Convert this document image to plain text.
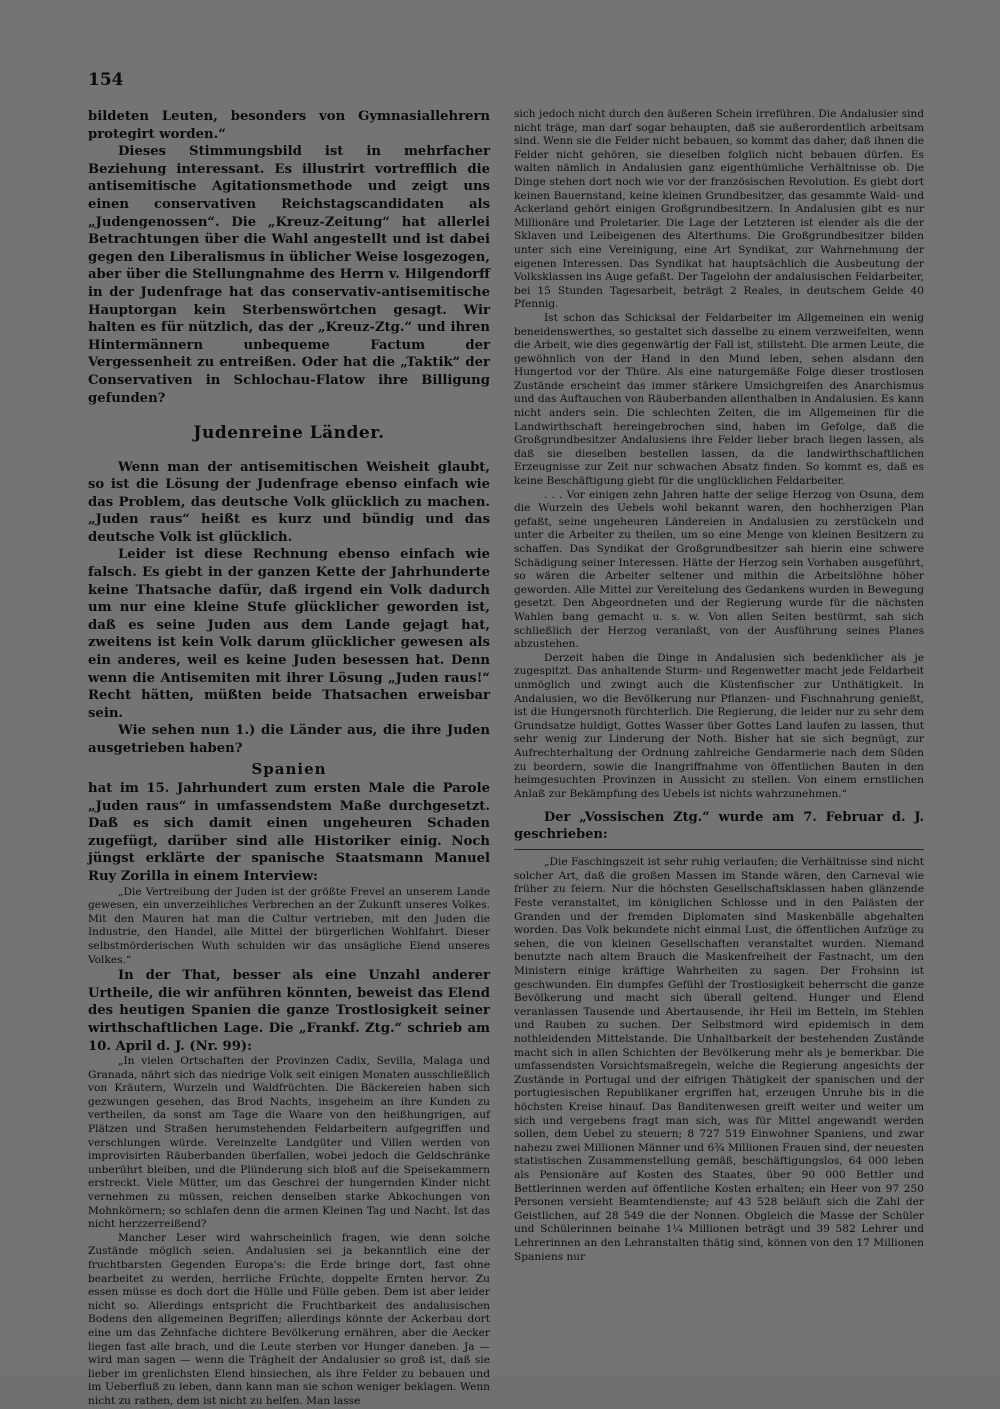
154

bildeten Leuten, besonders von Gymnasiallehrern protegirt worden.“

Dieses Stimmungsbild ist in mehrfacher Beziehung interessant. Es illustrirt vortrefflich die antisemitische Agitationsmethode und zeigt uns einen conservativen Reichstagscandidaten als „Judengenossen“. Die „Kreuz-Zeitung“ hat allerlei Betrachtungen über die Wahl angestellt und ist dabei gegen den Liberalismus in üblicher Weise losgezogen, aber über die Stellungnahme des Herrn v. Hilgendorff in der Judenfrage hat das conservativ-antisemitische Hauptorgan kein Sterbenswörtchen gesagt. Wir halten es für nützlich, das der „Kreuz-Ztg.“ und ihren Hintermännern unbequeme Factum der Vergessenheit zu entreißen. Oder hat die „Taktik“ der Conservativen in Schlochau-Flatow ihre Billigung gefunden?

Judenreine Länder.

Wenn man der antisemitischen Weisheit glaubt, so ist die Lösung der Judenfrage ebenso einfach wie das Problem, das deutsche Volk glücklich zu machen. „Juden raus“ heißt es kurz und bündig und das deutsche Volk ist glücklich.

Leider ist diese Rechnung ebenso einfach wie falsch. Es giebt in der ganzen Kette der Jahrhunderte keine Thatsache dafür, daß irgend ein Volk dadurch um nur eine kleine Stufe glücklicher geworden ist, daß es seine Juden aus dem Lande gejagt hat, zweitens ist kein Volk darum glücklicher gewesen als ein anderes, weil es keine Juden besessen hat. Denn wenn die Antisemiten mit ihrer Lösung „Juden raus!“ Recht hätten, müßten beide Thatsachen erweisbar sein.

Wie sehen nun 1.) die Länder aus, die ihre Juden ausgetrieben haben?

Spanien

hat im 15. Jahrhundert zum ersten Male die Parole „Juden raus“ in umfassendstem Maße durchgesetzt. Daß es sich damit einen ungeheuren Schaden zugefügt, darüber sind alle Historiker einig. Noch jüngst erklärte der spanische Staatsmann Manuel Ruy Zorilla in einem Interview:

„Die Vertreibung der Juden ist der größte Frevel an unserem Lande gewesen, ein unverzeihliches Verbrechen an der Zukunft unseres Volkes. Mit den Mauren hat man die Cultur vertrieben, mit den Juden die Industrie, den Handel, alle Mittel der bürgerlichen Wohlfahrt. Dieser selbstmörderischen Wuth schulden wir das unsägliche Elend unseres Volkes.“

In der That, besser als eine Unzahl anderer Urtheile, die wir anführen könnten, beweist das Elend des heutigen Spanien die ganze Trostlosigkeit seiner wirthschaftlichen Lage. Die „Frankf. Ztg.“ schrieb am 10. April d. J. (Nr. 99):

„In vielen Ortschaften der Provinzen Cadix, Sevilla, Malaga und Granada, nährt sich das niedrige Volk seit einigen Monaten ausschließlich von Kräutern, Wurzeln und Waldfrüchten. Die Bäckereien haben sich gezwungen gesehen, das Brod Nachts, insgeheim an ihre Kunden zu vertheilen, da sonst am Tage die Waare von den heißhungrigen, auf Plätzen und Straßen herumstehenden Feldarbeitern aufgegriffen und verschlungen würde. Vereinzelte Landgüter und Villen werden von improvisirten Räuberbanden überfallen, wobei jedoch die Geldschränke unberührt bleiben, und die Plünderung sich bloß auf die Speisekammern erstreckt. Viele Mütter, um das Geschrei der hungernden Kinder nicht vernehmen zu müssen, reichen denselben starke Abkochungen von Mohnkörnern; so schlafen denn die armen Kleinen Tag und Nacht. Ist das nicht herzzerreißend?

Mancher Leser wird wahrscheinlich fragen, wie denn solche Zustände möglich seien. Andalusien sei ja bekanntlich eine der fruchtbarsten Gegenden Europa's: die Erde bringe dort, fast ohne bearbeitet zu werden, herrliche Früchte, doppelte Ernten hervor. Zu essen müsse es doch dort die Hülle und Fülle geben. Dem ist aber leider nicht so. Allerdings entspricht die Fruchtbarkeit des andalusischen Bodens den allgemeinen Begriffen; allerdings könnte der Ackerbau dort eine um das Zehnfache dichtere Bevölkerung ernähren, aber die Aecker liegen fast alle brach, und die Leute sterben vor Hunger daneben. Ja — wird man sagen — wenn die Trägheit der Andalusier so groß ist, daß sie lieber im grenlichsten Elend hinsiechen, als ihre Felder zu bebauen und im Ueberfluß zu leben, dann kann man sie schon weniger beklagen. Wenn nicht zu rathen, dem ist nicht zu helfen. Man lasse

sich jedoch nicht durch den äußeren Schein irreführen. Die Andalusier sind nicht träge, man darf sogar behaupten, daß sie außerordentlich arbeitsam sind. Wenn sie die Felder nicht bebauen, so kommt das daher, daß ihnen die Felder nicht gehören, sie dieselben folglich nicht bebauen dürfen. Es walten nämlich in Andalusien ganz eigenthümliche Verhältnisse ob. Die Dinge stehen dort noch wie vor der französischen Revolution. Es giebt dort keinen Bauernstand, keine kleinen Grundbesitzer, das gesammte Wald- und Ackerland gehört einigen Großgrundbesitzern. In Andalusien gibt es nur Millionäre und Proletarier. Die Lage der Letzteren ist elender als die der Sklaven und Leibeigenen des Alterthums. Die Großgrundbesitzer bilden unter sich eine Vereinigung, eine Art Syndikat, zur Wahrnehmung der eigenen Interessen. Das Syndikat hat hauptsächlich die Ausbeutung der Volksklassen ins Auge gefaßt. Der Tagelohn der andalusischen Feldarbeiter, bei 15 Stunden Tagesarbeit, beträgt 2 Reales, in deutschem Gelde 40 Pfennig.

Ist schon das Schicksal der Feldarbeiter im Allgemeinen ein wenig beneidenswerthes, so gestaltet sich dasselbe zu einem verzweifelten, wenn die Arbeit, wie dies gegenwärtig der Fall ist, stillsteht. Die armen Leute, die gewöhnlich von der Hand in den Mund leben, sehen alsdann den Hungertod vor der Thüre. Als eine naturgemäße Folge dieser trostlosen Zustände erscheint das immer stärkere Umsichgreifen des Anarchismus und das Auftauchen von Räuberbanden allenthalben in Andalusien. Es kann nicht anders sein. Die schlechten Zeiten, die im Allgemeinen für die Landwirthschaft hereingebrochen sind, haben im Gefolge, daß die Großgrundbesitzer Andalusiens ihre Felder lieber brach liegen lassen, als daß sie dieselben bestellen lassen, da die landwirthschaftlichen Erzeugnisse zur Zeit nur schwachen Absatz finden. So kommt es, daß es keine Beschäftigung giebt für die unglücklichen Feldarbeiter.

. . . Vor einigen zehn Jahren hatte der selige Herzog von Osuna, dem die Wurzeln des Uebels wohl bekannt waren, den hochherzigen Plan gefaßt, seine ungeheuren Ländereien in Andalusien zu zerstückeln und unter die Arbeiter zu theilen, um so eine Menge von kleinen Besitzern zu schaffen. Das Syndikat der Großgrundbesitzer sah hierin eine schwere Schädigung seiner Interessen. Hätte der Herzog sein Vorhaben ausgeführt, so wären die Arbeiter seltener und mithin die Arbeitslöhne höher geworden. Alle Mittel zur Vereitelung des Gedankens wurden in Bewegung gesetzt. Den Abgeordneten und der Regierung wurde für die nächsten Wahlen bang gemacht u. s. w. Von allen Seiten bestürmt, sah sich schließlich der Herzog veranlaßt, von der Ausführung seines Planes abzustehen.

Derzeit haben die Dinge in Andalusien sich bedenklicher als je zugespitzt. Das anhaltende Sturm- und Regenwetter macht jede Feldarbeit unmöglich und zwingt auch die Küstenfischer zur Unthätigkeit. In Andalusien, wo die Bevölkerung nur Pflanzen- und Fischnahrung genießt, ist die Hungersnoth fürchterlich. Die Regierung, die leider nur zu sehr dem Grundsatze huldigt, Gottes Wasser über Gottes Land laufen zu lassen, thut sehr wenig zur Linderung der Noth. Bisher hat sie sich begnügt, zur Aufrechterhaltung der Ordnung zahlreiche Gendarmerie nach dem Süden zu beordern, sowie die Inangriffnahme von öffentlichen Bauten in den heimgesuchten Provinzen in Aussicht zu stellen. Von einem ernstlichen Anlaß zur Bekämpfung des Uebels ist nichts wahrzunehmen.“

Der „Vossischen Ztg.“ wurde am 7. Februar d. J. geschrieben:

„Die Faschingszeit ist sehr ruhig verlaufen; die Verhältnisse sind nicht solcher Art, daß die großen Massen im Stande wären, den Carneval wie früher zu feiern. Nur die höchsten Gesellschaftsklassen haben glänzende Feste veranstaltet, im königlichen Schlosse und in den Palästen der Granden und der fremden Diplomaten sind Maskenbälle abgehalten worden. Das Volk bekundete nicht einmal Lust, die öffentlichen Aufzüge zu sehen, die von kleinen Gesellschaften veranstaltet wurden. Niemand benutzte nach altem Brauch die Maskenfreiheit der Fastnacht, um den Ministern einige kräftige Wahrheiten zu sagen. Der Frohsinn ist geschwunden. Ein dumpfes Gefühl der Trostlosigkeit beherrscht die ganze Bevölkerung und macht sich überall geltend. Hunger und Elend veranlassen Tausende und Abertausende, ihr Heil im Betteln, im Stehlen und Rauben zu suchen. Der Selbstmord wird epidemisch in dem nothleidenden Mittelstande. Die Unhaltbarkeit der bestehenden Zustände macht sich in allen Schichten der Bevölkerung mehr als je bemerkbar. Die umfassendsten Vorsichtsmaßregeln, welche die Regierung angesichts der Zustände in Portugal und der eifrigen Thätigkeit der spanischen und der portugiesischen Republikaner ergriffen hat, erzeugen Unruhe bis in die höchsten Kreise hinauf. Das Banditenwesen greift weiter und weiter um sich und vergebens fragt man sich, was für Mittel angewandt werden sollen, dem Uebel zu steuern; 8 727 519 Einwohner Spaniens, und zwar nahezu zwei Millionen Männer und 6¾ Millionen Frauen sind, der neuesten statistischen Zusammenstellung gemäß, beschäftigungslos, 64 000 leben als Pensionäre auf Kosten des Staates, über 90 000 Bettler und Bettlerinnen werden auf öffentliche Kosten erhalten; ein Heer von 97 250 Personen versieht Beamtendienste; auf 43 528 beläuft sich die Zahl der Geistlichen, auf 28 549 die der Nonnen. Obgleich die Masse der Schüler und Schülerinnen beinahe 1¼ Millionen beträgt und 39 582 Lehrer und Lehrerinnen an den Lehranstalten thätig sind, können von den 17 Millionen Spaniens nur
